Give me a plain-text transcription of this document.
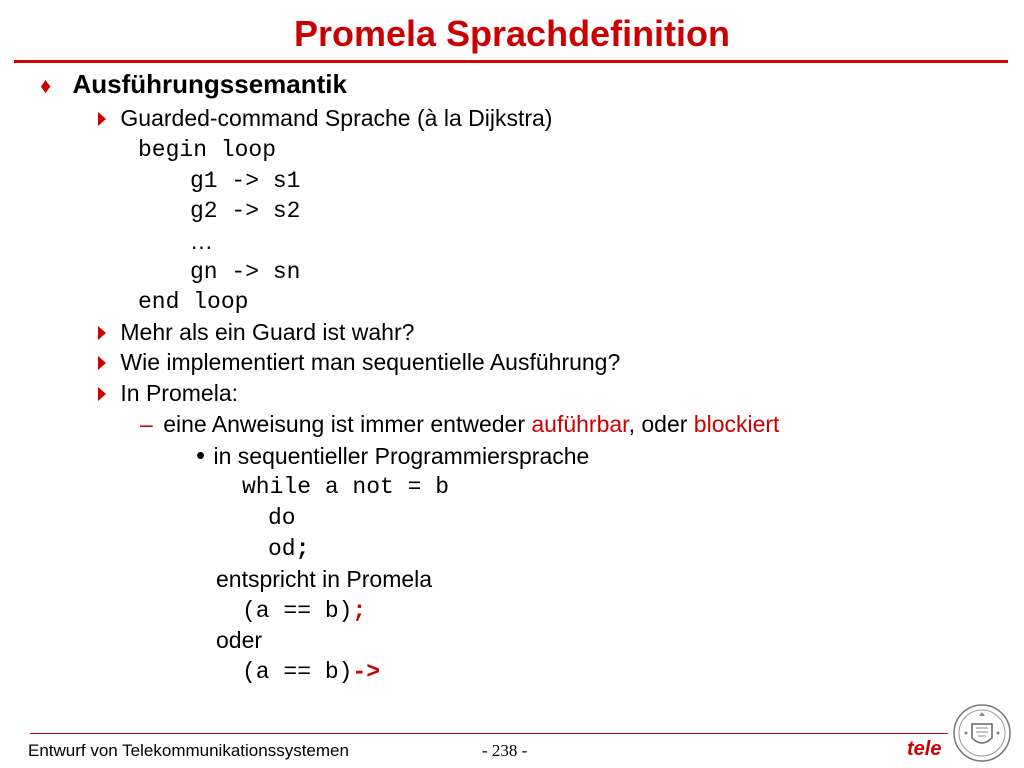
Promela Sprachdefinition
♦ Ausführungssemantik
Guarded-command Sprache (à la Dijkstra)
begin loop
g1 -> s1
g2 -> s2
…
gn -> sn
end loop
Mehr als ein Guard ist wahr?
Wie implementiert man sequentielle Ausführung?
In Promela:
– eine Anweisung ist immer entweder auführbar, oder blockiert
• in sequentieller Programmiersprache
while a not = b
do
od;
entspricht in Promela
(a == b);
oder
(a == b)->
Entwurf von Telekommunikationssystemen	- 238 -	tele
